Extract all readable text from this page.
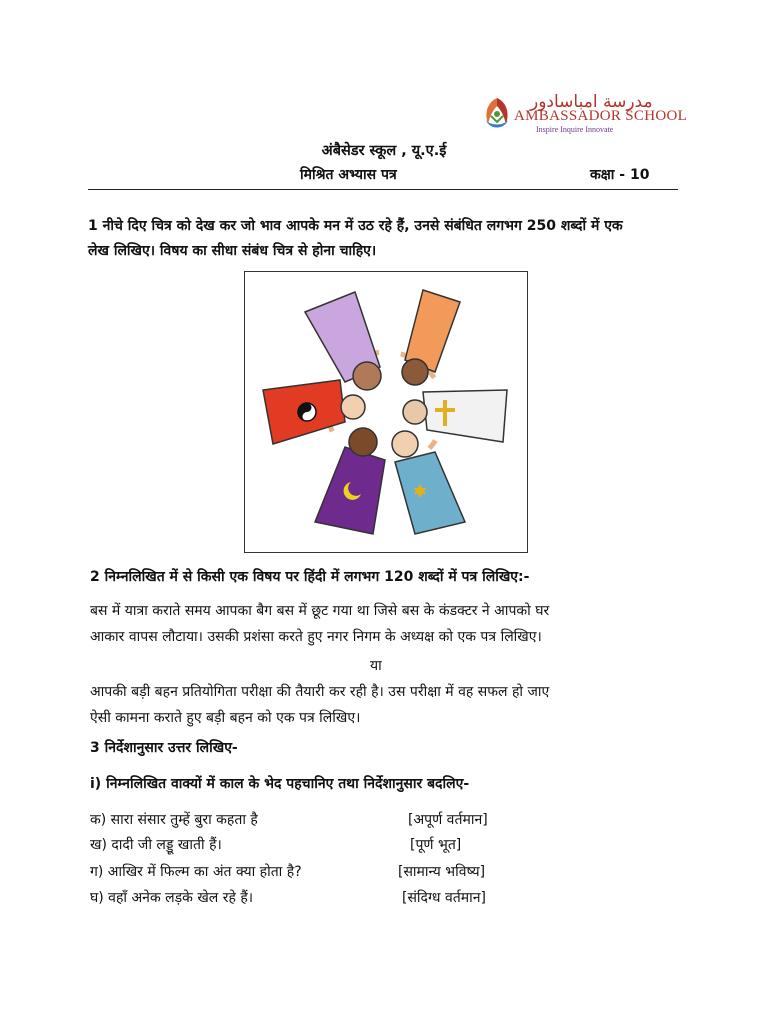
مدرسة امباسادور
AMBASSADOR SCHOOL
Inspire Inquire Innovate
अंबैसेडर स्कूल , यू.ए.ई
मिश्रित अभ्यास पत्र	कक्षा - 10
1 नीचे दिए चित्र को देख कर जो भाव आपके मन में उठ रहे हैं, उनसे संबंधित लगभग 250 शब्दों में एक
लेख लिखिए। विषय का सीधा संबंध चित्र से होना चाहिए।
2 निम्नलिखित में से किसी एक विषय पर हिंदी में लगभग 120 शब्दों में पत्र लिखिए:-
बस में यात्रा कराते समय आपका बैग बस में छूट गया था जिसे बस के कंडक्टर ने आपको घर
आकार वापस लौटाया। उसकी प्रशंसा करते हुए नगर निगम के अध्यक्ष को एक पत्र लिखिए।
या
आपकी बड़ी बहन प्रतियोगिता परीक्षा की तैयारी कर रही है। उस परीक्षा में वह सफल हो जाए
ऐसी कामना कराते हुए बड़ी बहन को एक पत्र लिखिए।
3 निर्देशानुसार उत्तर लिखिए-
i) निम्नलिखित वाक्यों में काल के भेद पहचानिए तथा निर्देशानुसार बदलिए-
क) सारा संसार तुम्हें बुरा कहता है	[अपूर्ण वर्तमान]
ख) दादी जी लड्डू खाती हैं।	[पूर्ण भूत]
ग) आखिर में फिल्म का अंत क्या होता है?	[सामान्य भविष्य]
घ) वहाँ अनेक लड़के खेल रहे हैं।	[संदिग्ध वर्तमान]
